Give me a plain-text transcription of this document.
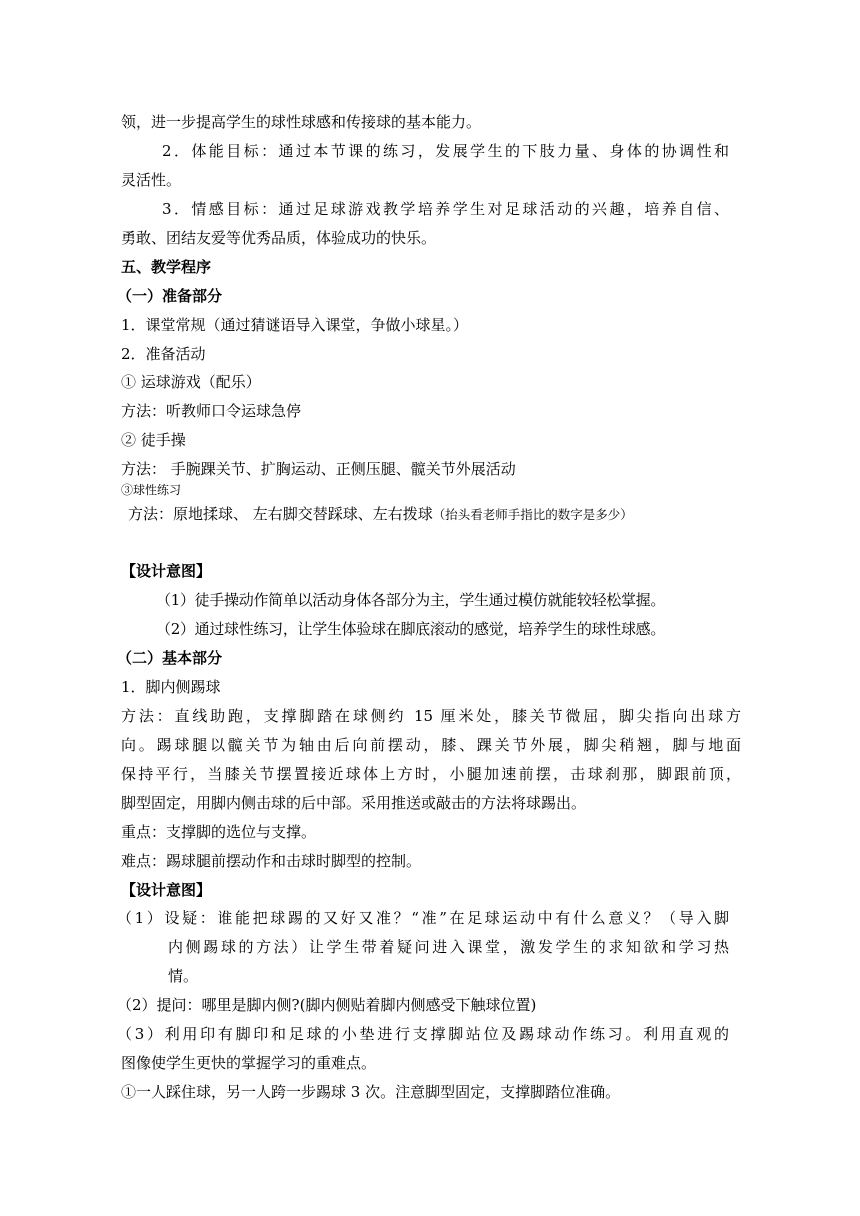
领，进一步提高学生的球性球感和传接球的基本能力。
2．体能目标：通过本节课的练习，发展学生的下肢力量、身体的协调性和
灵活性。
3．情感目标：通过足球游戏教学培养学生对足球活动的兴趣，培养自信、
勇敢、团结友爱等优秀品质，体验成功的快乐。
五、教学程序
（一）准备部分
1．课堂常规（通过猜谜语导入课堂，争做小球星。）
2．准备活动
① 运球游戏（配乐）
方法：听教师口令运球急停
② 徒手操
方法： 手腕踝关节、扩胸运动、正侧压腿、髋关节外展活动
③球性练习
方法：原地揉球、 左右脚交替踩球、左右拨球（抬头看老师手指比的数字是多少）
【设计意图】
（1）徒手操动作简单以活动身体各部分为主，学生通过模仿就能较轻松掌握。
（2）通过球性练习，让学生体验球在脚底滚动的感觉，培养学生的球性球感。
（二）基本部分
1．脚内侧踢球
方法：直线助跑，支撑脚踏在球侧约 15 厘米处，膝关节微屈，脚尖指向出球方
向。踢球腿以髋关节为轴由后向前摆动，膝、踝关节外展，脚尖稍翘，脚与地面
保持平行，当膝关节摆置接近球体上方时，小腿加速前摆，击球刹那，脚跟前顶，
脚型固定，用脚内侧击球的后中部。采用推送或敲击的方法将球踢出。
重点：支撑脚的选位与支撑。
难点：踢球腿前摆动作和击球时脚型的控制。
【设计意图】
（1）设疑：谁能把球踢的又好又准？“准”在足球运动中有什么意义？（导入脚
内侧踢球的方法）让学生带着疑问进入课堂，激发学生的求知欲和学习热
情。
（2）提问：哪里是脚内侧?(脚内侧贴着脚内侧感受下触球位置)
（3）利用印有脚印和足球的小垫进行支撑脚站位及踢球动作练习。利用直观的
图像使学生更快的掌握学习的重难点。
①一人踩住球，另一人跨一步踢球 3 次。注意脚型固定，支撑脚踏位准确。
